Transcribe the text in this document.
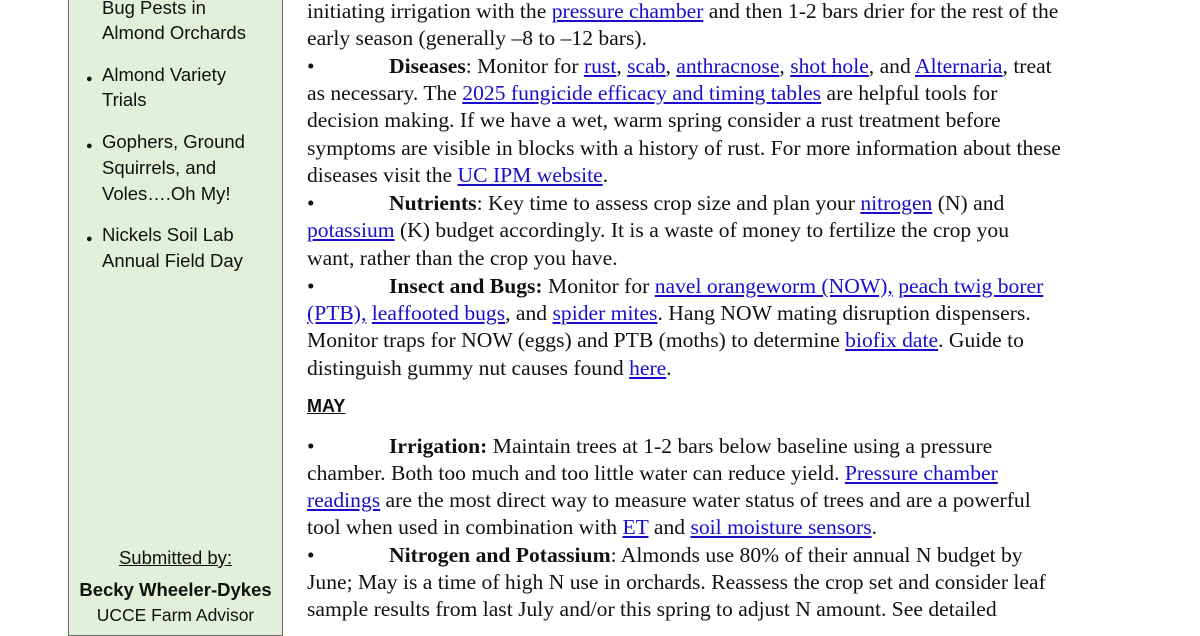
Submitted by:
Becky Wheeler-Dykes
UCCE Farm Advisor
Bug Pests in
Almond Orchards
● Almond Variety
Trials
● Gophers, Ground
Squirrels, and
Voles….Oh My!
● Nickels Soil Lab
Annual Field Day
MAY
initiating irrigation with the pressure chamber and then 1-2 bars drier for the rest of the
early season (generally –8 to –12 bars).
•	Diseases: Monitor for rust, scab, anthracnose, shot hole, and Alternaria, treat
as necessary. The 2025 fungicide efficacy and timing tables are helpful tools for
decision making. If we have a wet, warm spring consider a rust treatment before
symptoms are visible in blocks with a history of rust. For more information about these
diseases visit the UC IPM website.
•	Nutrients: Key time to assess crop size and plan your nitrogen (N) and
potassium (K) budget accordingly. It is a waste of money to fertilize the crop you
want, rather than the crop you have.
•	Insect and Bugs: Monitor for navel orangeworm (NOW), peach twig borer
(PTB), leaffooted bugs, and spider mites. Hang NOW mating disruption dispensers.
Monitor traps for NOW (eggs) and PTB (moths) to determine biofix date. Guide to
distinguish gummy nut causes found here.
•	Irrigation: Maintain trees at 1-2 bars below baseline using a pressure
chamber. Both too much and too little water can reduce yield. Pressure chamber
readings are the most direct way to measure water status of trees and are a powerful
tool when used in combination with ET and soil moisture sensors.
•	Nitrogen and Potassium: Almonds use 80% of their annual N budget by
June; May is a time of high N use in orchards. Reassess the crop set and consider leaf
sample results from last July and/or this spring to adjust N amount. See detailed
